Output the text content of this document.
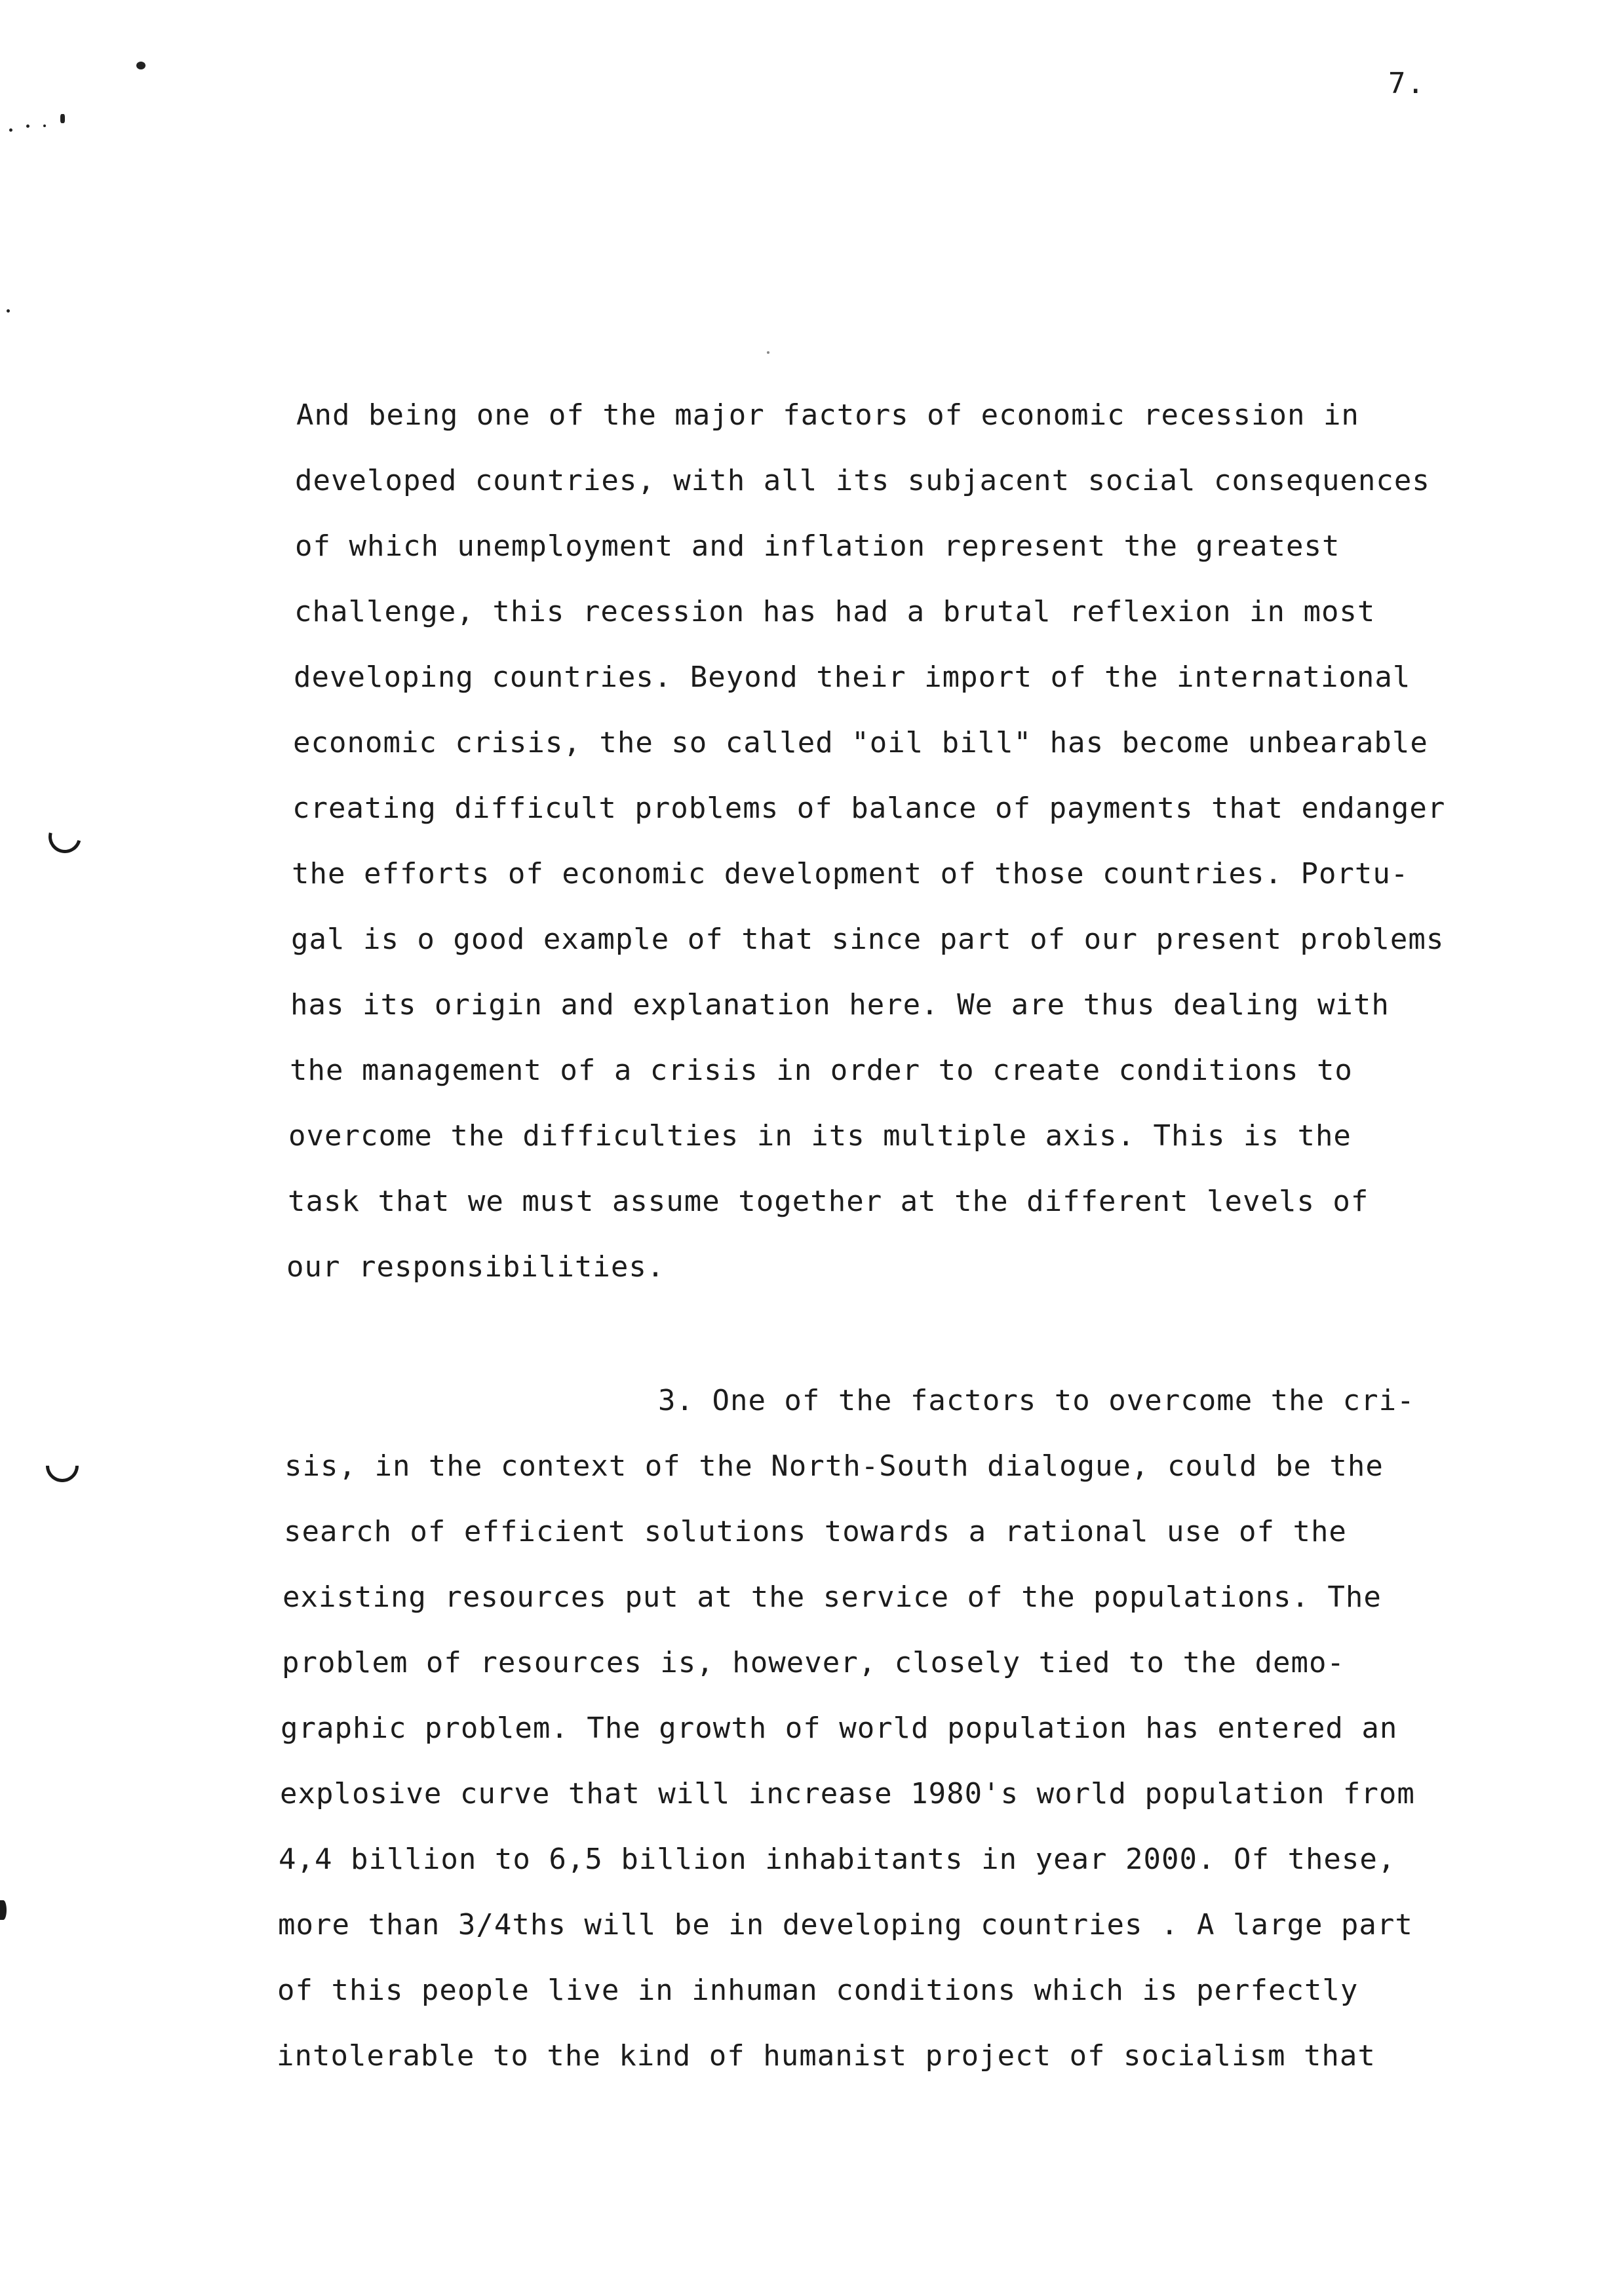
7.

And being one of the major factors of economic recession in

developed countries, with all its subjacent social consequences

of which unemployment and inflation represent the greatest

challenge, this recession has had a brutal reflexion in most

developing countries. Beyond their import of the international

economic crisis, the so called "oil bill" has become unbearable

creating difficult problems of balance of payments that endanger

the efforts of economic development of those countries. Portu-

gal is o good example of that since part of our present problems

has its origin and explanation here. We are thus dealing with

the management of a crisis in order to create conditions to

overcome the difficulties in its multiple axis. This is the

task that we must assume together at the different levels of

our responsibilities.

3. One of the factors to overcome the cri-

sis, in the context of the North-South dialogue, could be the

search of efficient solutions towards a rational use of the

existing resources put at the service of the populations. The

problem of resources is, however, closely tied to the demo-

graphic problem. The growth of world population has entered an

explosive curve that will increase 1980's world population from

4,4 billion to 6,5 billion inhabitants in year 2000. Of these,

more than 3/4ths will be in developing countries . A large part

of this people live in inhuman conditions which is perfectly

intolerable to the kind of humanist project of socialism that
